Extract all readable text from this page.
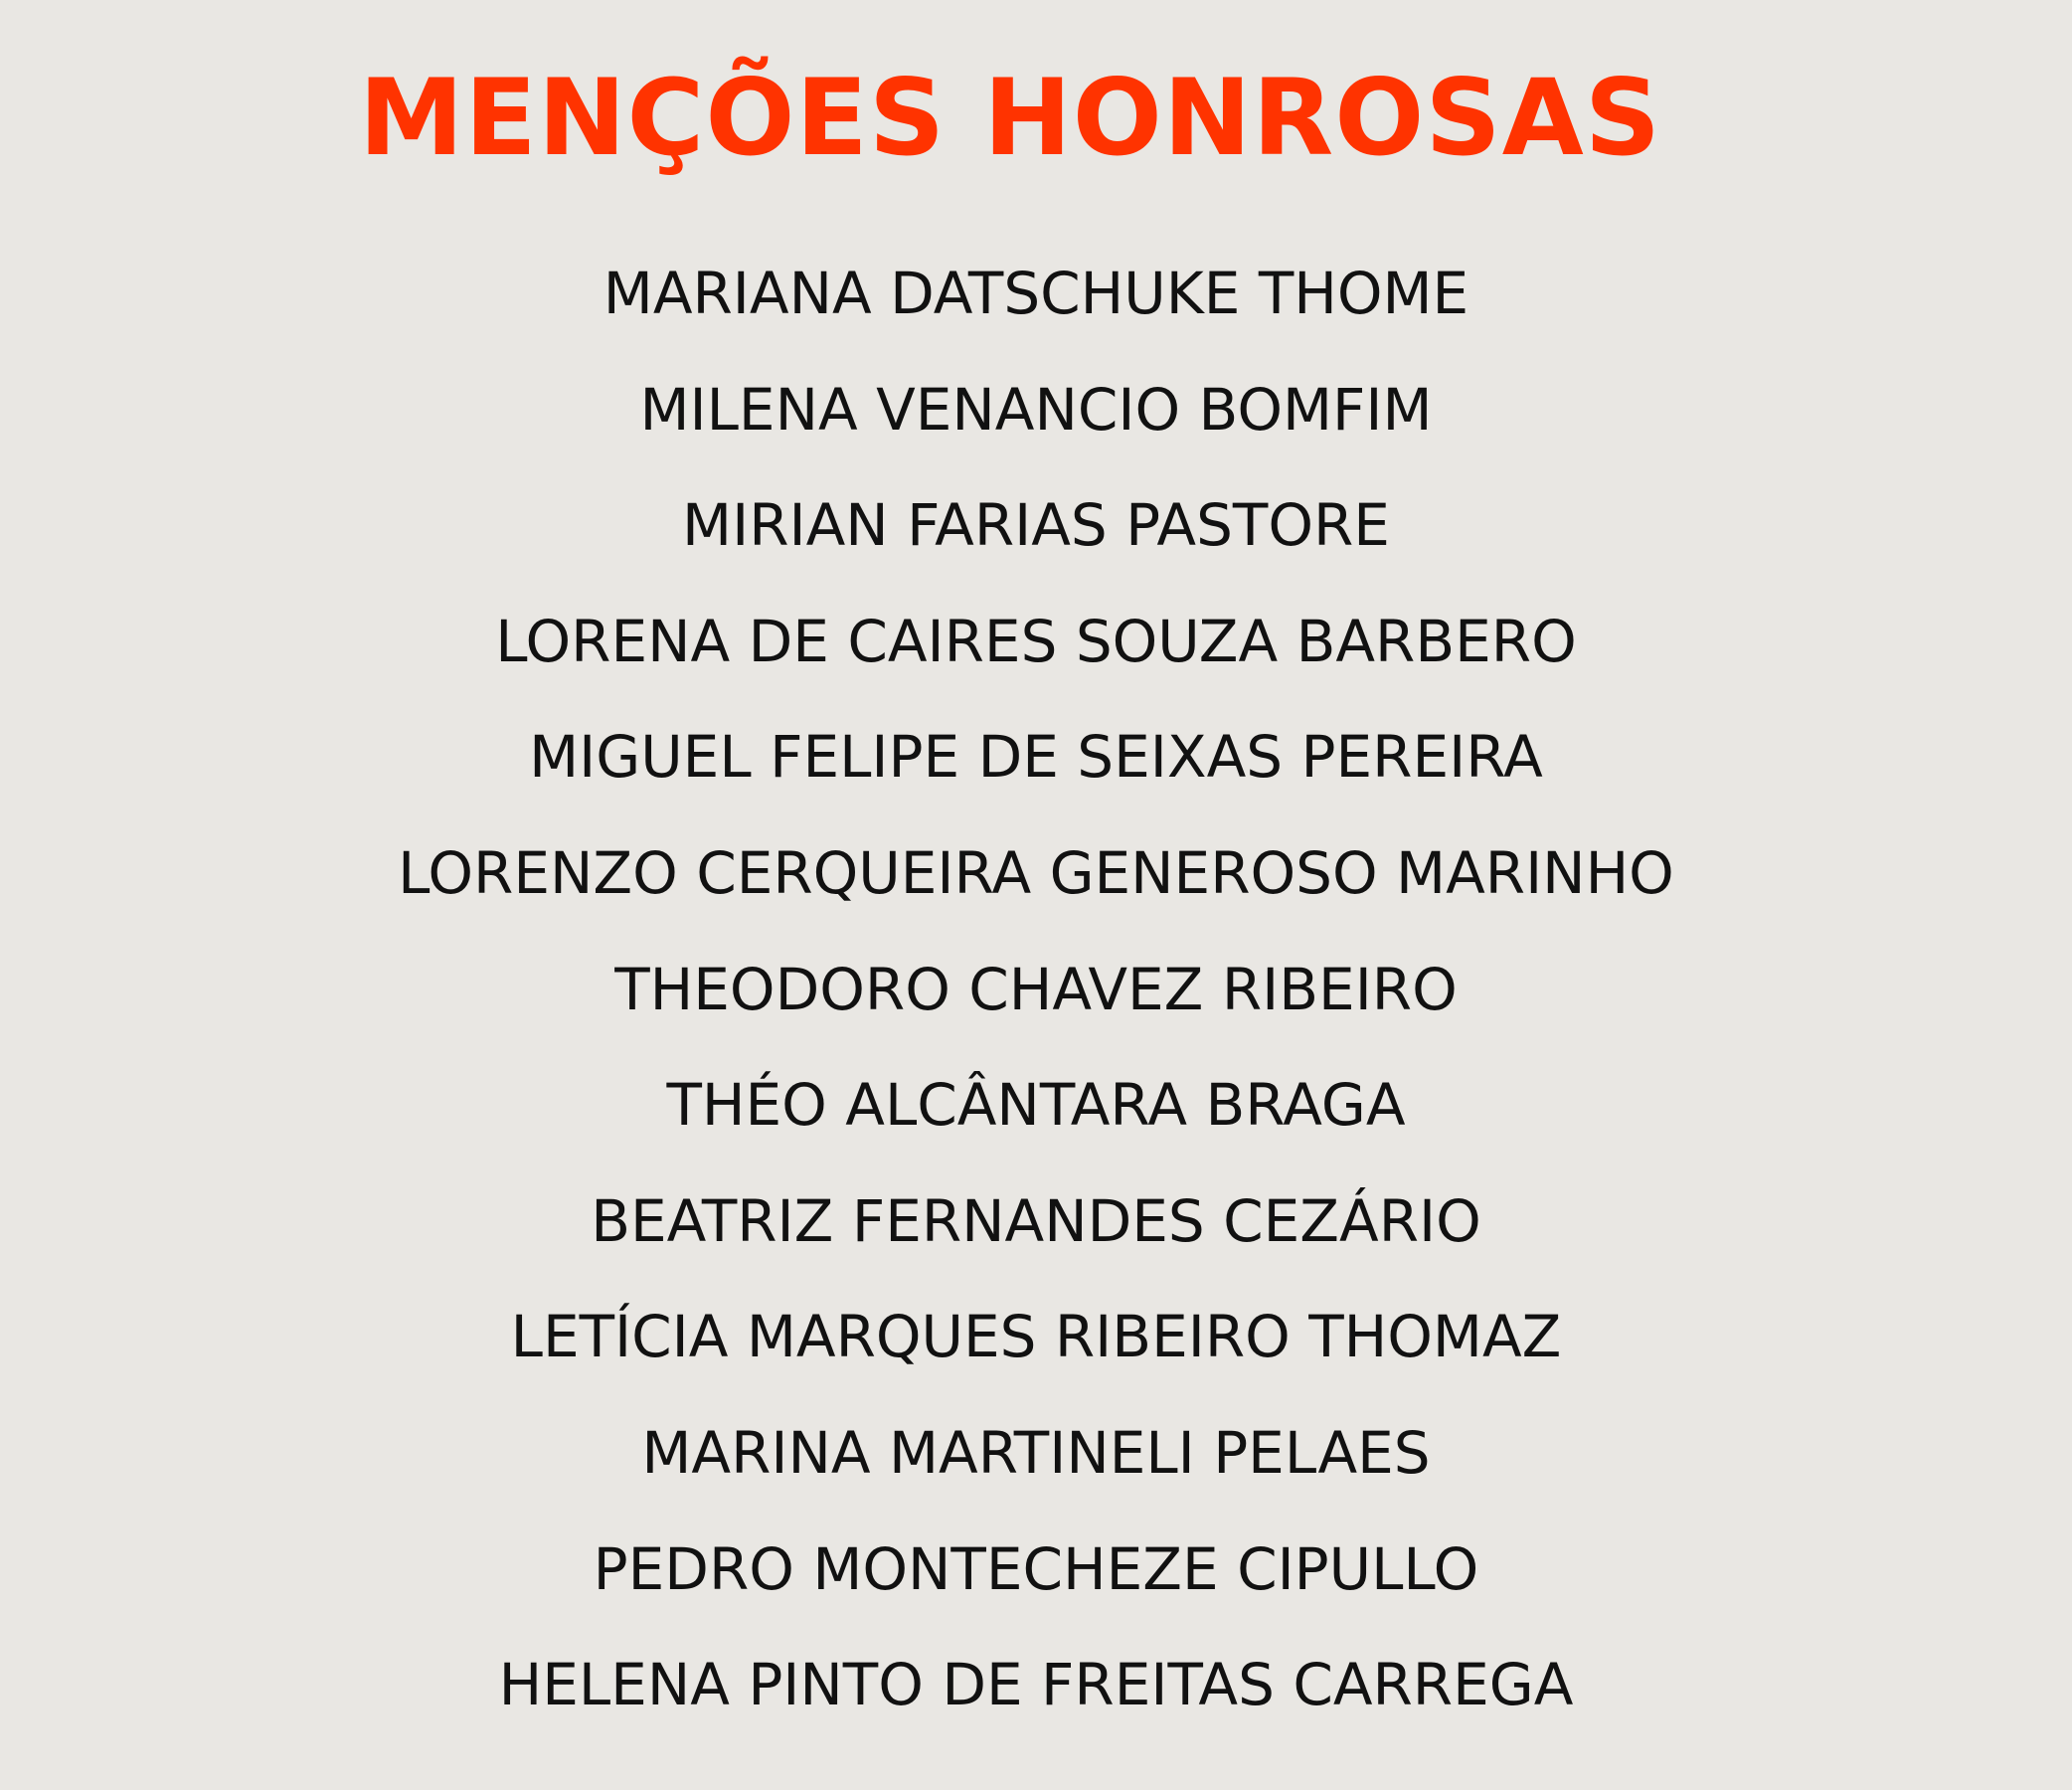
MENÇÕES HONROSAS
MARIANA DATSCHUKE THOME
MILENA VENANCIO BOMFIM
MIRIAN FARIAS PASTORE
LORENA DE CAIRES SOUZA BARBERO
MIGUEL FELIPE DE SEIXAS PEREIRA
LORENZO CERQUEIRA GENEROSO MARINHO
THEODORO CHAVEZ RIBEIRO
THÉO ALCÂNTARA BRAGA
BEATRIZ FERNANDES CEZÁRIO
LETÍCIA MARQUES RIBEIRO THOMAZ
MARINA MARTINELI PELAES
PEDRO MONTECHEZE CIPULLO
HELENA PINTO DE FREITAS CARREGA
